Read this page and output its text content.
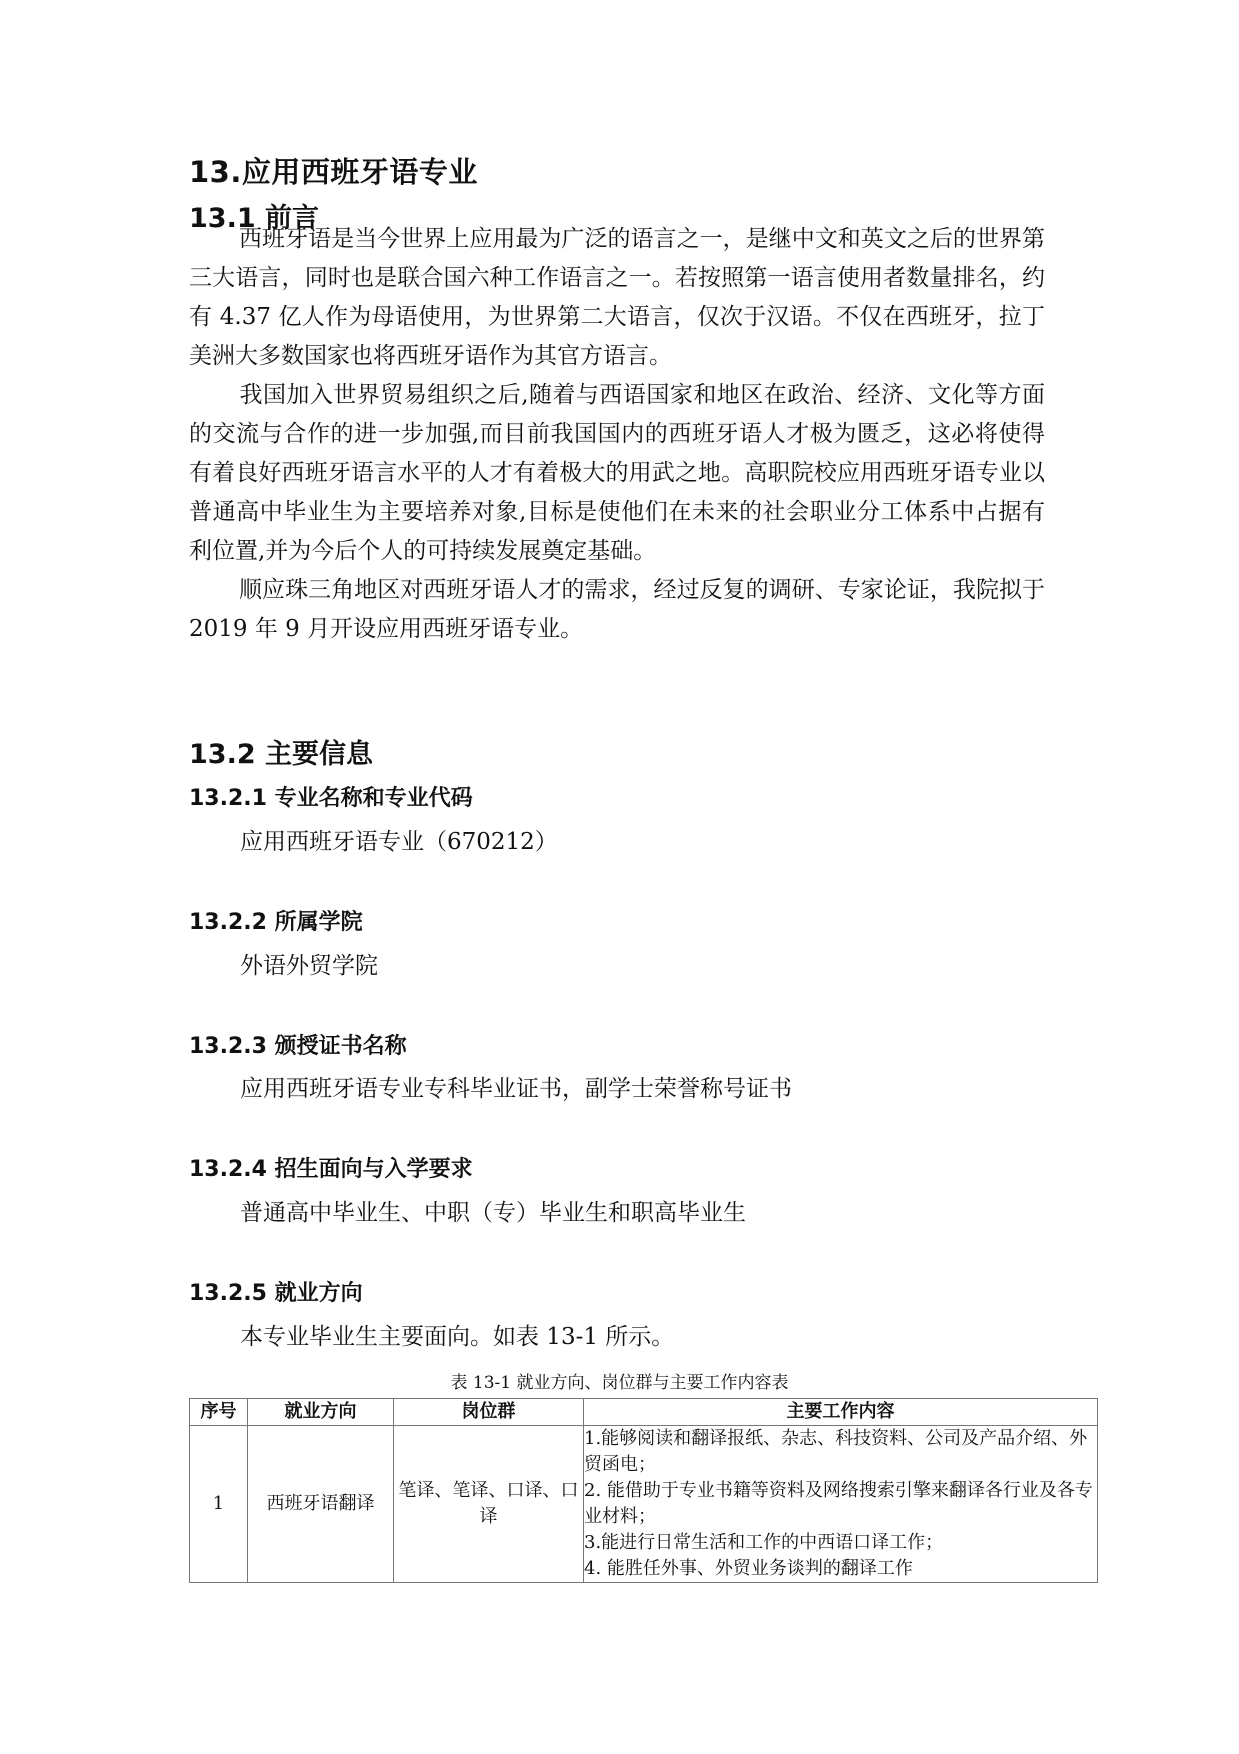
13.应用西班牙语专业
13.1 前言

西班牙语是当今世界上应用最为广泛的语言之一，是继中文和英文之后的世界第三大语言，同时也是联合国六种工作语言之一。若按照第一语言使用者数量排名，约有 4.37 亿人作为母语使用，为世界第二大语言，仅次于汉语。不仅在西班牙，拉丁美洲大多数国家也将西班牙语作为其官方语言。

我国加入世界贸易组织之后,随着与西语国家和地区在政治、经济、文化等方面的交流与合作的进一步加强,而目前我国国内的西班牙语人才极为匮乏，这必将使得有着良好西班牙语言水平的人才有着极大的用武之地。高职院校应用西班牙语专业以普通高中毕业生为主要培养对象,目标是使他们在未来的社会职业分工体系中占据有利位置,并为今后个人的可持续发展奠定基础。

顺应珠三角地区对西班牙语人才的需求，经过反复的调研、专家论证，我院拟于 2019 年 9 月开设应用西班牙语专业。

13.2 主要信息
13.2.1 专业名称和专业代码
应用西班牙语专业（670212）
13.2.2 所属学院
外语外贸学院
13.2.3 颁授证书名称
应用西班牙语专业专科毕业证书，副学士荣誉称号证书
13.2.4 招生面向与入学要求
普通高中毕业生、中职（专）毕业生和职高毕业生
13.2.5 就业方向
本专业毕业生主要面向。如表 13-1 所示。
表 13-1 就业方向、岗位群与主要工作内容表
序号	就业方向	岗位群	主要工作内容
1	西班牙语翻译	笔译、笔译、口译、口译	1.能够阅读和翻译报纸、杂志、科技资料、公司及产品介绍、外贸函电；
2. 能借助于专业书籍等资料及网络搜索引擎来翻译各行业及各专业材料；
3.能进行日常生活和工作的中西语口译工作；
4. 能胜任外事、外贸业务谈判的翻译工作
